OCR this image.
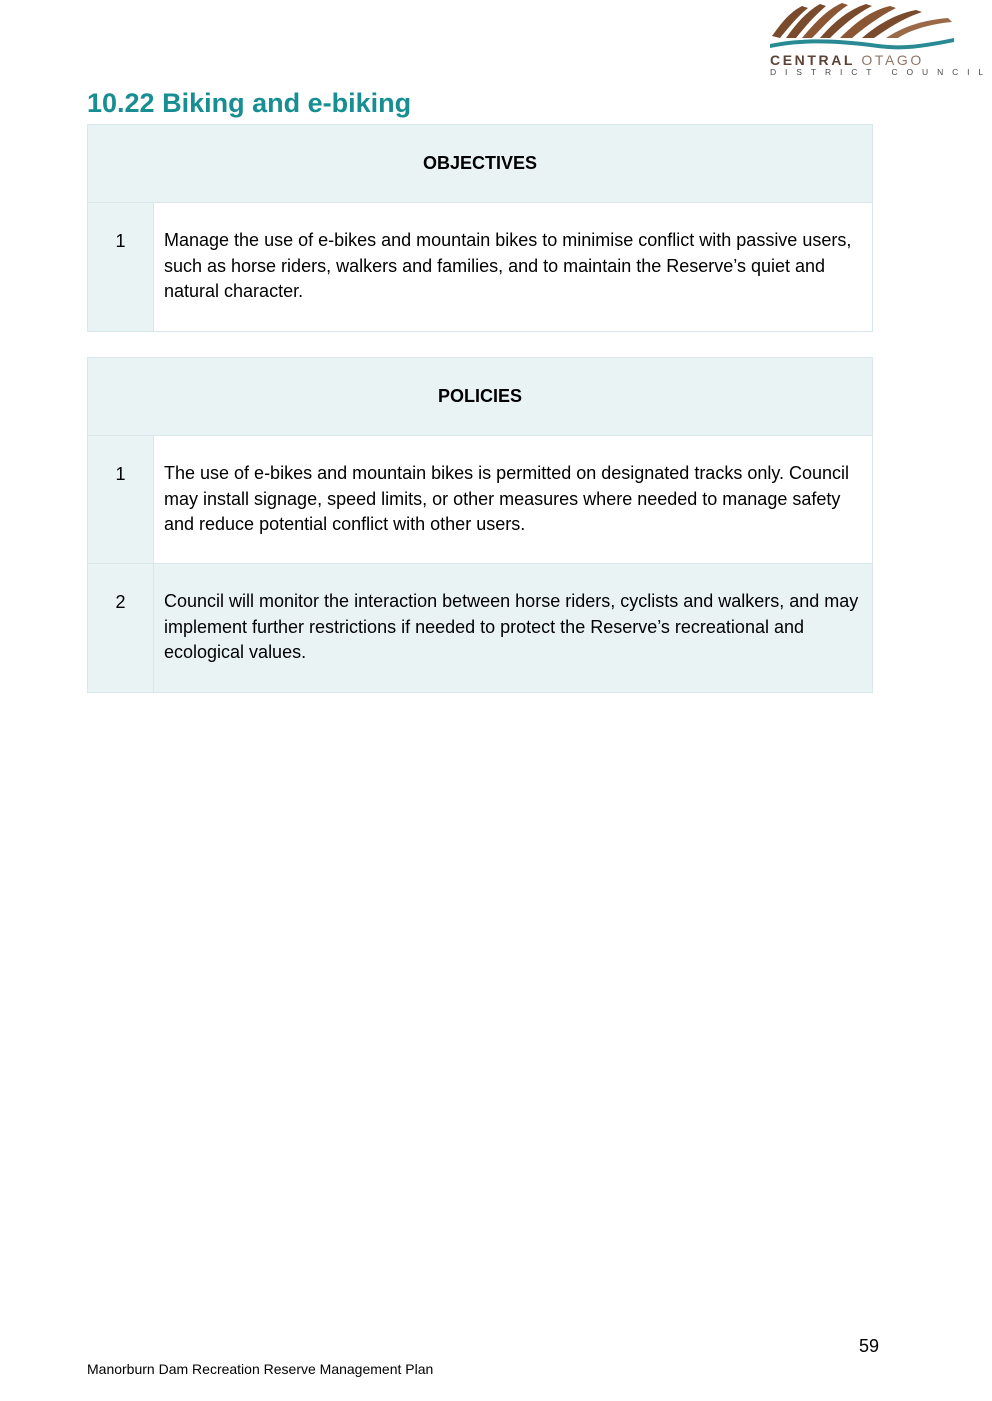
CENTRAL OTAGO
DISTRICT COUNCIL
10.22 Biking and e-biking
OBJECTIVES
1	Manage the use of e-bikes and mountain bikes to minimise conflict with passive users, such as horse riders, walkers and families, and to maintain the Reserve’s quiet and natural character.
POLICIES
1	The use of e-bikes and mountain bikes is permitted on designated tracks only. Council may install signage, speed limits, or other measures where needed to manage safety and reduce potential conflict with other users.
2	Council will monitor the interaction between horse riders, cyclists and walkers, and may implement further restrictions if needed to protect the Reserve’s recreational and ecological values.
59
Manorburn Dam Recreation Reserve Management Plan
